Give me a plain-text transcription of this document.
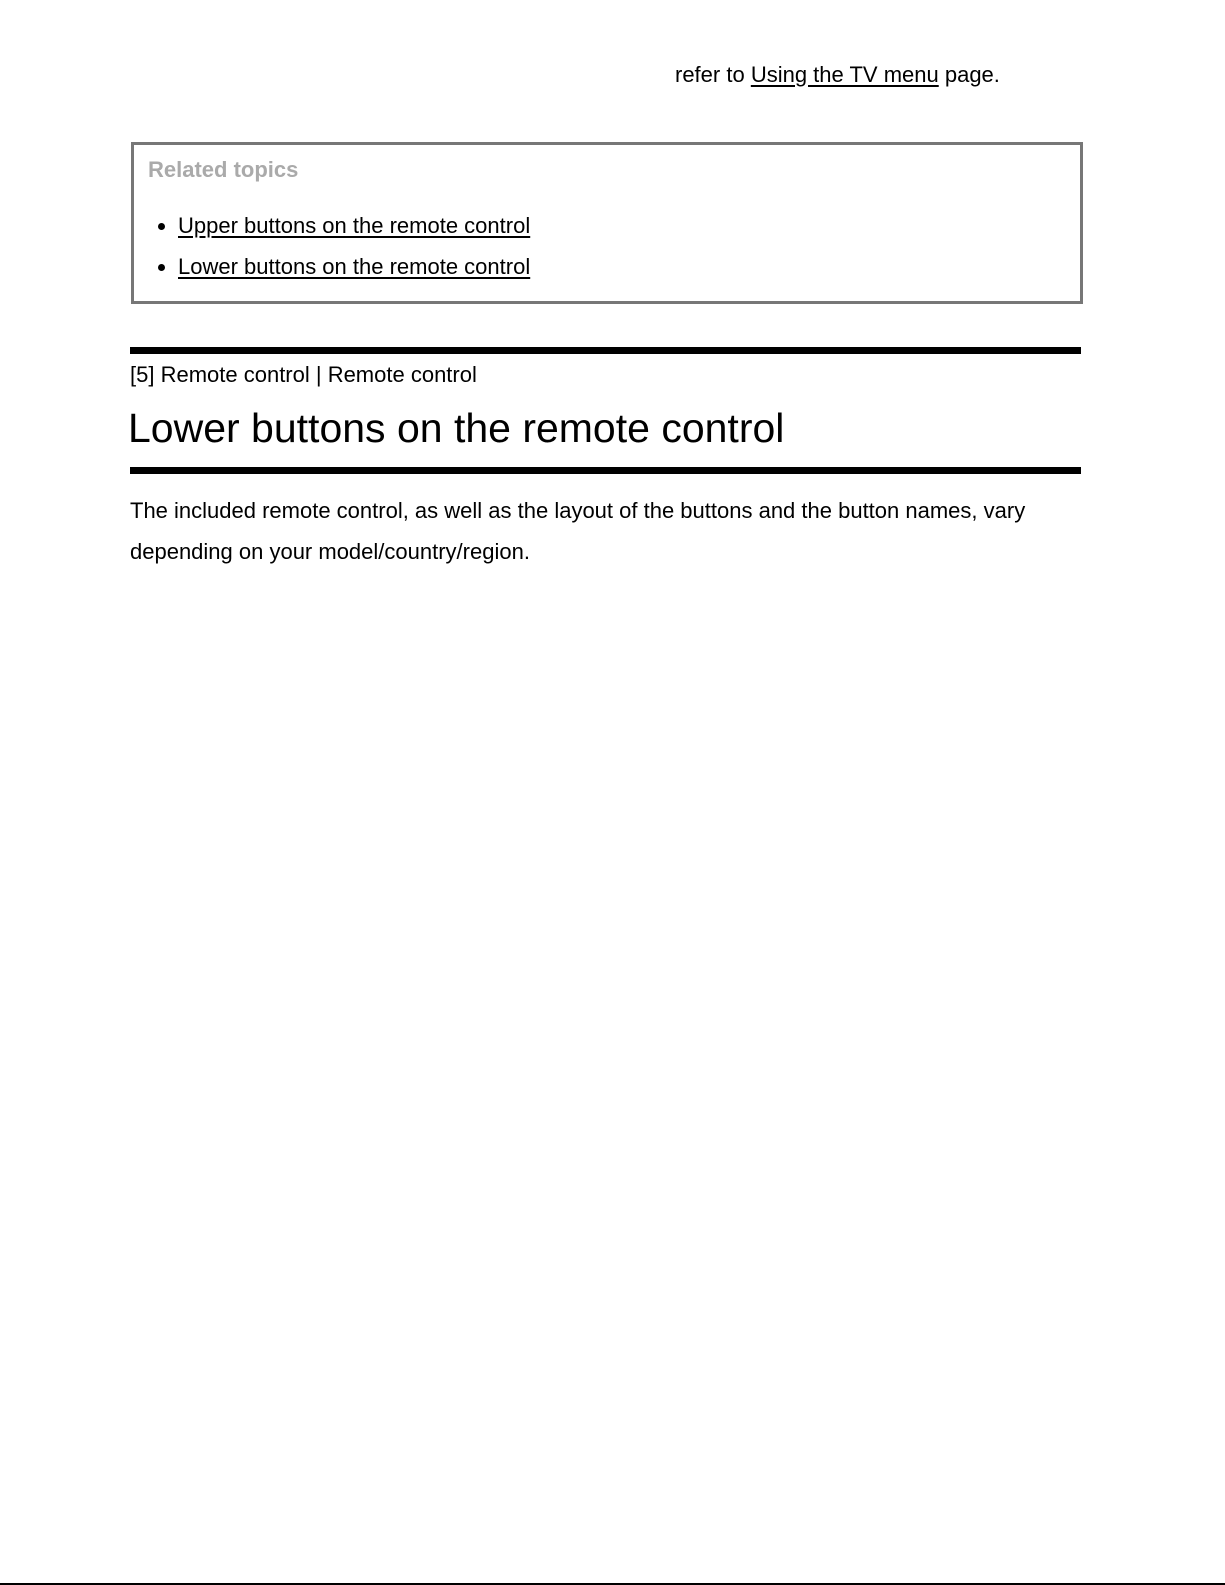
refer to Using the TV menu page.
Related topics
• Upper buttons on the remote control
• Lower buttons on the remote control
[5] Remote control | Remote control
Lower buttons on the remote control

The included remote control, as well as the layout of the buttons and the button names, vary depending on your model/country/region.
